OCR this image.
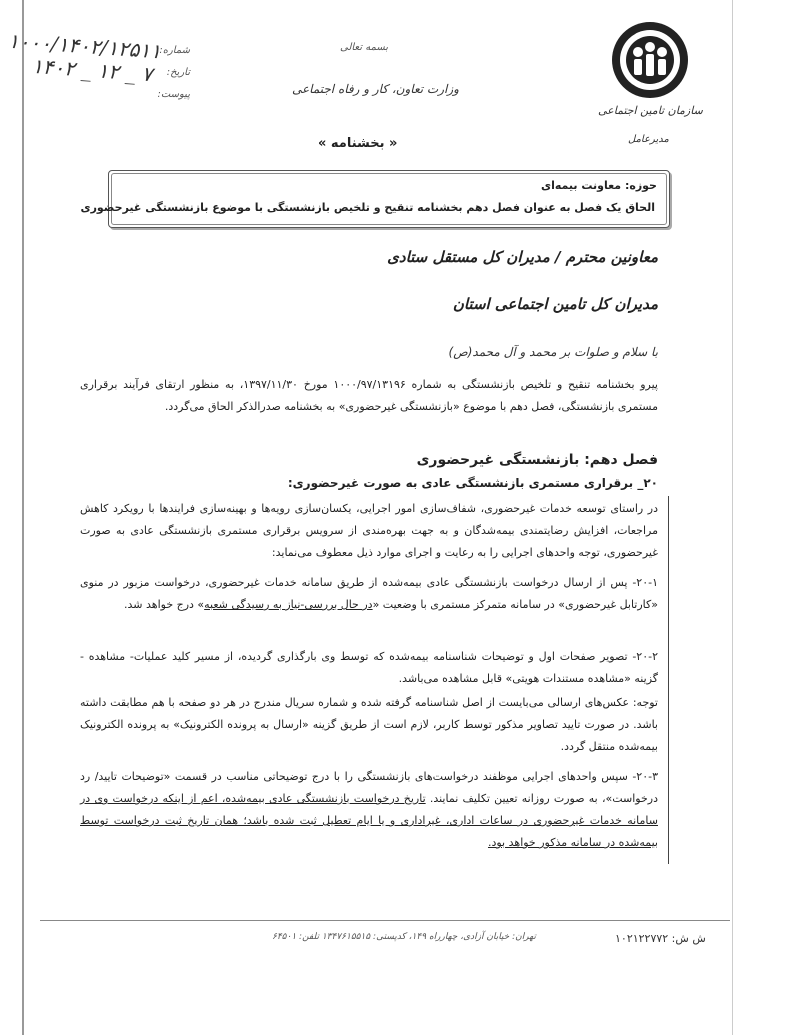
۱۰۰۰/۱۴۰۲/۱۲۵۱۱
۱۴۰۲ _ ۱۲ _ ۷
شماره:
تاریخ:
پیوست:
بسمه تعالی
وزارت تعاون، کار و رفاه اجتماعی
« بخشنامه »
سازمان تامین اجتماعی
مدیرعامل
حوزه: معاونت بیمه‌ای
الحاق یک فصل به عنوان فصل دهم بخشنامه تنقیح و تلخیص بازنشستگی با موضوع بازنشستگی غیرحضوری
معاونین محترم / مدیران کل مستقل ستادی
مدیران کل تامین اجتماعی استان
با سلام و صلوات بر محمد و آل محمد(ص)
پیرو بخشنامه تنقیح و تلخیص بازنشستگی به شماره ۱۰۰۰/۹۷/۱۳۱۹۶ مورخ ۱۳۹۷/۱۱/۳۰، به منظور ارتقای فرآیند برقراری مستمری بازنشستگی، فصل دهم با موضوع «بازنشستگی غیرحضوری» به بخشنامه صدرالذکر الحاق می‌گردد.
فصل دهم: بازنشستگی غیرحضوری
۲۰_ برقراری مستمری بازنشستگی عادی به صورت غیرحضوری:
در راستای توسعه خدمات غیرحضوری، شفاف‌سازی امور اجرایی، یکسان‌سازی رویه‌ها و بهینه‌سازی فرایندها با رویکرد کاهش مراجعات، افزایش رضایتمندی بیمه‌شدگان و به جهت بهره‌مندی از سرویس برقراری مستمری بازنشستگی عادی به صورت غیرحضوری، توجه واحدهای اجرایی را به رعایت و اجرای موارد ذیل معطوف می‌نماید:
۲۰-۱- پس از ارسال درخواست بازنشستگی عادی بیمه‌شده از طریق سامانه خدمات غیرحضوری، درخواست مزبور در منوی «کارتابل غیرحضوری» در سامانه متمرکز مستمری با وضعیت «در حال بررسی-نیاز به رسیدگی شعبه» درج خواهد شد.
۲۰-۲- تصویر صفحات اول و توضیحات شناسنامه بیمه‌شده که توسط وی بارگذاری گردیده، از مسیر کلید عملیات- مشاهده - گزینه «مشاهده مستندات هویتی» قابل مشاهده می‌باشد.
توجه: عکس‌های ارسالی می‌بایست از اصل شناسنامه گرفته شده و شماره سریال مندرج در هر دو صفحه با هم مطابقت داشته باشد. در صورت تایید تصاویر مذکور توسط کاربر، لازم است از طریق گزینه «ارسال به پرونده الکترونیک» به پرونده الکترونیک بیمه‌شده منتقل گردد.
۲۰-۳- سپس واحدهای اجرایی موظفند درخواست‌های بازنشستگی را با درج توضیحاتی مناسب در قسمت «توضیحات تایید/ رد درخواست»، به صورت روزانه تعیین تکلیف نمایند. تاریخ درخواست بازنشستگی عادی بیمه‌شده، اعم از اینکه درخواست وی در سامانه خدمات غیرحضوری در ساعات اداری، غیراداری و یا ایام تعطیل ثبت شده باشد؛ همان تاریخ ثبت درخواست توسط بیمه‌شده در سامانه مذکور خواهد بود.
تهران: خیابان آزادی، چهارراه ۱۴۹، کدپستی: ۱۳۴۷۶۱۵۵۱۵ تلفن: ۶۴۵۰۱	ش ش: ۱۰۲۱۲۲۷۷۲
